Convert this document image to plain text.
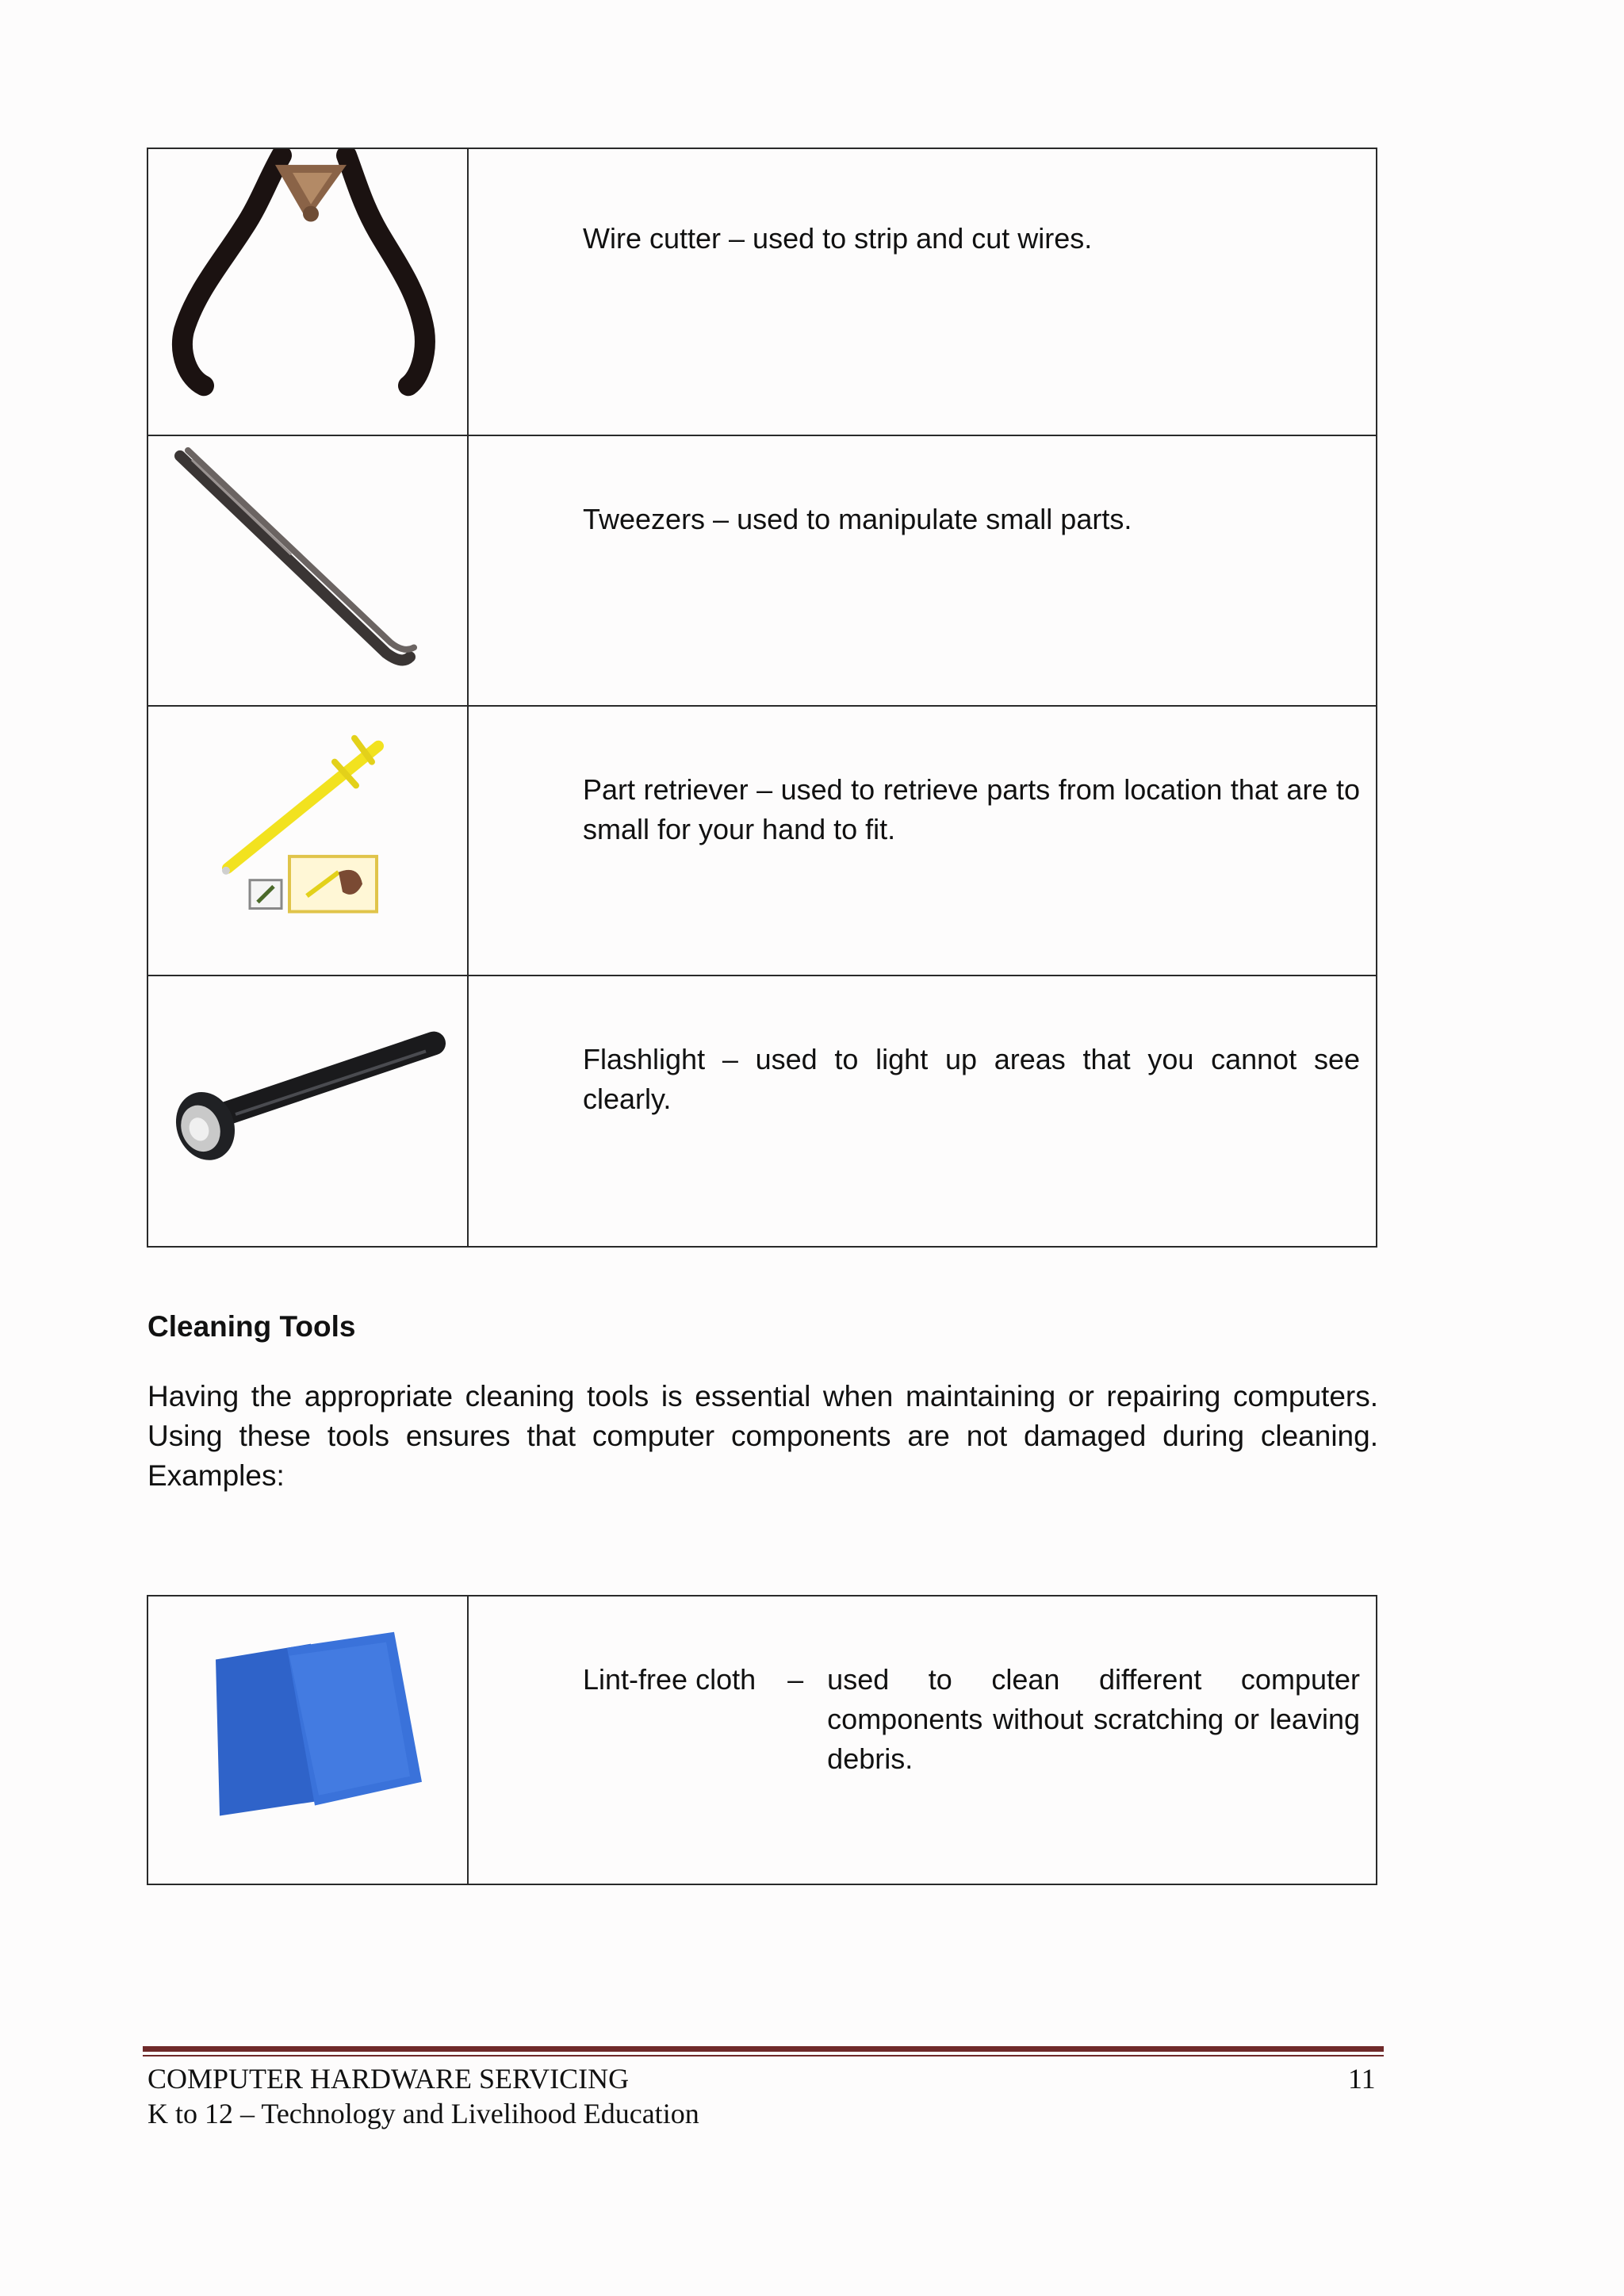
	Wire cutter – used to strip and cut wires.

	Tweezers – used to manipulate small parts.

	Part retriever – used to retrieve parts from location that are to small for your hand to fit.

	Flashlight – used to light up areas that you cannot see clearly.
Cleaning Tools
Having the appropriate cleaning tools is essential when maintaining or repairing computers. Using these tools ensures that computer components are not damaged during cleaning. Examples:

Lint-free cloth – used to clean different computer components without scratching or leaving debris.
COMPUTER HARDWARE SERVICING
K to 12 – Technology and Livelihood Education
11
